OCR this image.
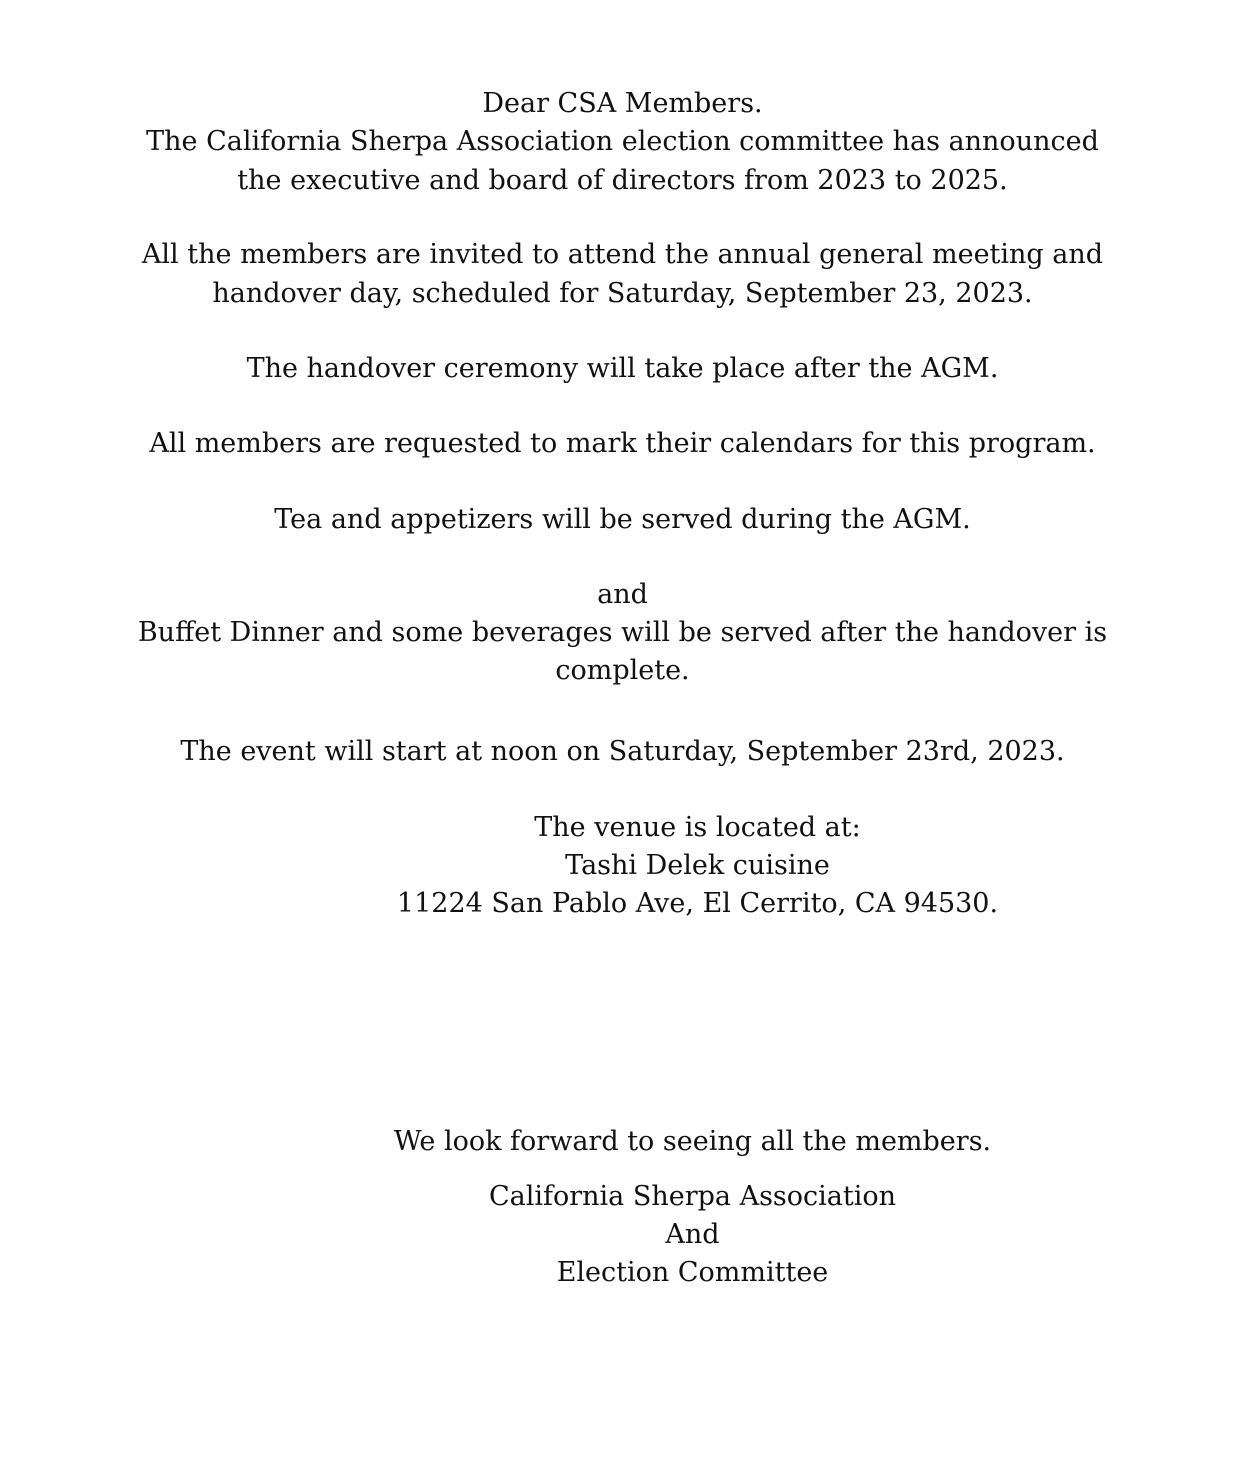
Dear CSA Members.

The California Sherpa Association election committee has announced

the executive and board of directors from 2023 to 2025.

All the members are invited to attend the annual general meeting and

handover day, scheduled for Saturday, September 23, 2023.

The handover ceremony will take place after the AGM.

All members are requested to mark their calendars for this program.

Tea and appetizers will be served during the AGM.

and

Buffet Dinner and some beverages will be served after the handover is

complete.

The event will start at noon on Saturday, September 23rd, 2023.

The venue is located at:

Tashi Delek cuisine

11224 San Pablo Ave, El Cerrito, CA 94530.

We look forward to seeing all the members.

California Sherpa Association

And

Election Committee
